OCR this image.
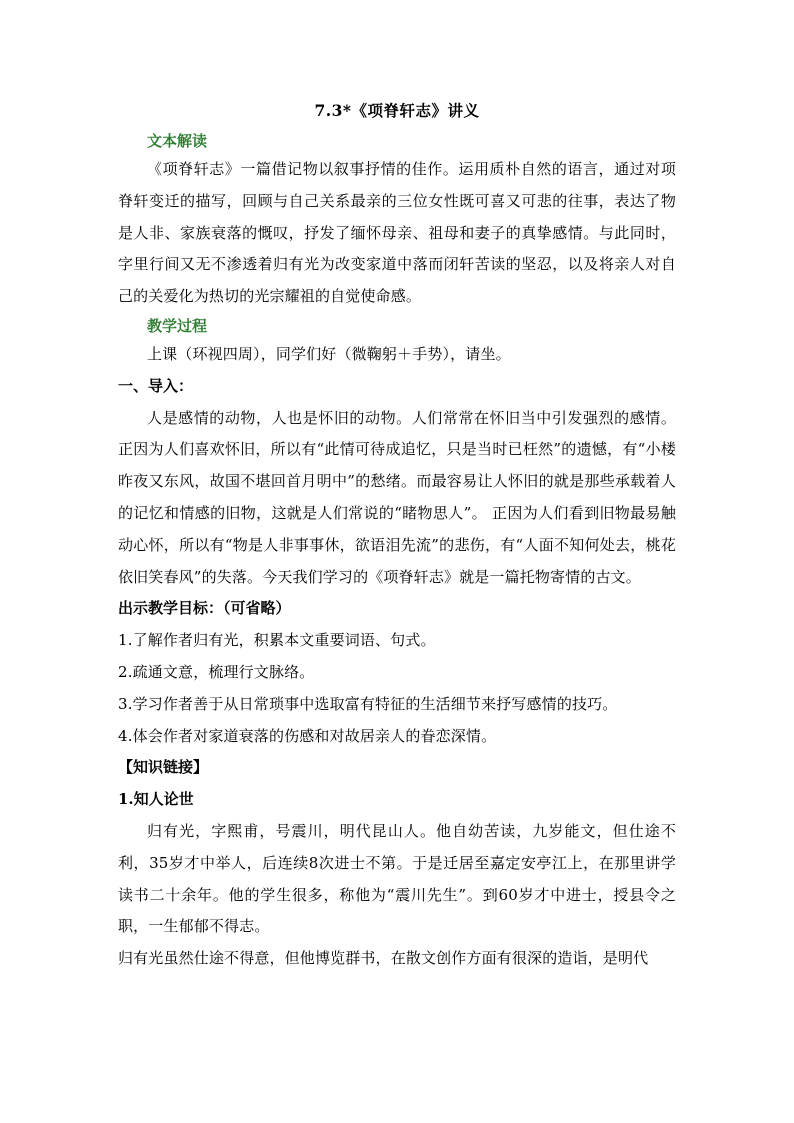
7.3*《项脊轩志》讲义
文本解读

《项脊轩志》一篇借记物以叙事抒情的佳作。运用质朴自然的语言，通过对项脊轩变迁的描写，回顾与自己关系最亲的三位女性既可喜又可悲的往事，表达了物是人非、家族衰落的慨叹，抒发了缅怀母亲、祖母和妻子的真挚感情。与此同时，字里行间又无不渗透着归有光为改变家道中落而闭轩苦读的坚忍，以及将亲人对自己的关爱化为热切的光宗耀祖的自觉使命感。

教学过程

上课（环视四周），同学们好（微鞠躬＋手势），请坐。

一、导入：

人是感情的动物，人也是怀旧的动物。人们常常在怀旧当中引发强烈的感情。正因为人们喜欢怀旧，所以有“此情可待成追忆，只是当时已枉然”的遗憾，有“小楼昨夜又东风，故国不堪回首月明中”的愁绪。而最容易让人怀旧的就是那些承载着人的记忆和情感的旧物，这就是人们常说的“睹物思人”。 正因为人们看到旧物最易触动心怀，所以有“物是人非事事休，欲语泪先流”的悲伤，有“人面不知何处去，桃花依旧笑春风”的失落。今天我们学习的《项脊轩志》就是一篇托物寄情的古文。

出示教学目标：（可省略）
1.了解作者归有光，积累本文重要词语、句式。
2.疏通文意，梳理行文脉络。
3.学习作者善于从日常琐事中选取富有特征的生活细节来抒写感情的技巧。
4.体会作者对家道衰落的伤感和对故居亲人的眷恋深情。
【知识链接】
1.知人论世

归有光，字熙甫，号震川，明代昆山人。他自幼苦读，九岁能文，但仕途不利，35岁才中举人，后连续8次进士不第。于是迁居至嘉定安亭江上，在那里讲学读书二十余年。他的学生很多，称他为“震川先生”。到60岁才中进士，授县令之职，一生郁郁不得志。

归有光虽然仕途不得意，但他博览群书，在散文创作方面有很深的造诣，是明代
